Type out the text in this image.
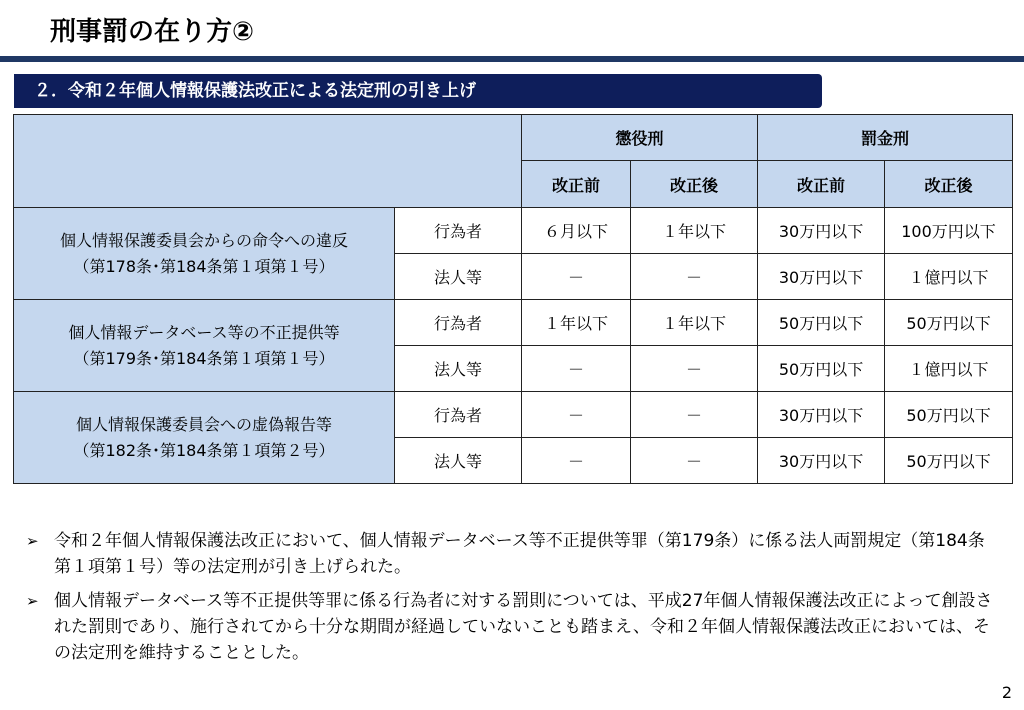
刑事罰の在り方②
２．令和２年個人情報保護法改正による法定刑の引き上げ
		懲役刑		罰金刑	
		改正前	改正後	改正前	改正後

個人情報保護委員会からの命令への違反
（第178条･第184条第１項第１号）	行為者	６月以下	１年以下	30万円以下	100万円以下
	法人等	－	－	30万円以下	１億円以下

個人情報データベース等の不正提供等
（第179条･第184条第１項第１号）	行為者	１年以下	１年以下	50万円以下	50万円以下
	法人等	－	－	50万円以下	１億円以下

個人情報保護委員会への虚偽報告等
（第182条･第184条第１項第２号）	行為者	－	－	30万円以下	50万円以下
	法人等	－	－	30万円以下	50万円以下
➢ 令和２年個人情報保護法改正において、個人情報データベース等不正提供等罪（第179条）に係る法人両罰規定（第184条第１項第１号）等の法定刑が引き上げられた。
➢ 個人情報データベース等不正提供等罪に係る行為者に対する罰則については、平成27年個人情報保護法改正によって創設された罰則であり、施行されてから十分な期間が経過していないことも踏まえ、令和２年個人情報保護法改正においては、その法定刑を維持することとした。
2
